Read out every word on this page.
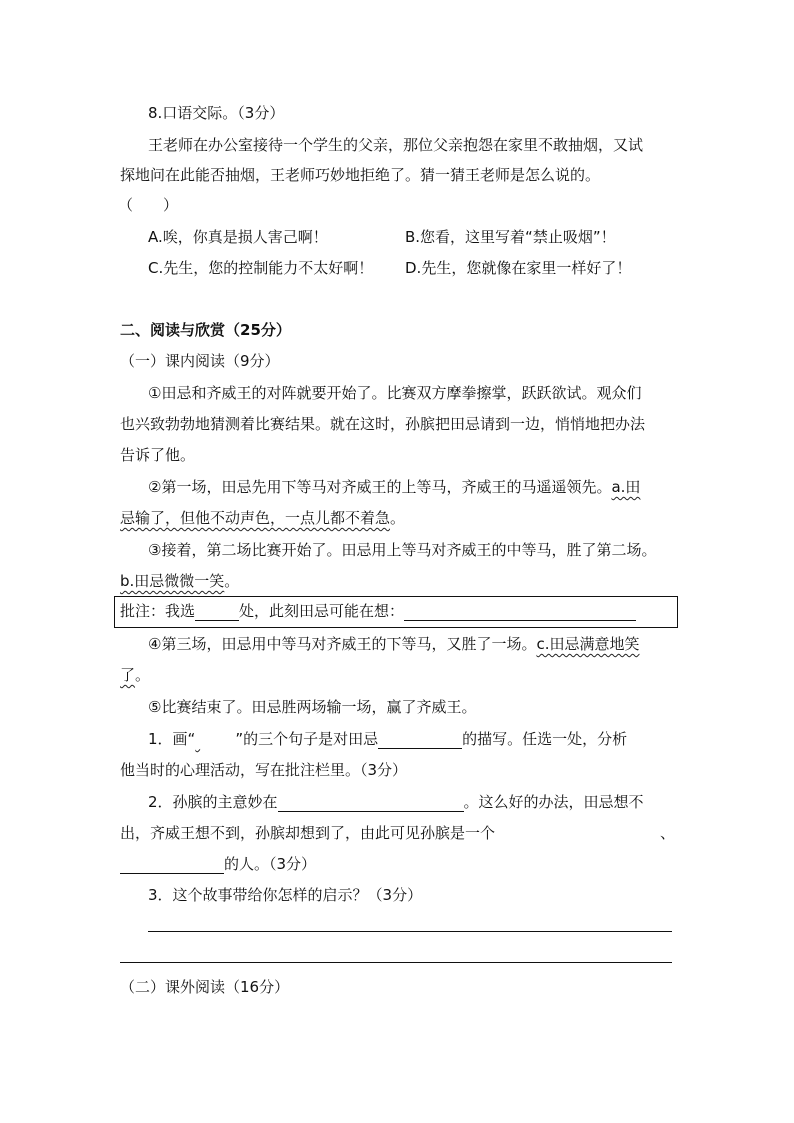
8.口语交际。（3分）
王老师在办公室接待一个学生的父亲，那位父亲抱怨在家里不敢抽烟，又试
探地问在此能否抽烟，王老师巧妙地拒绝了。猜一猜王老师是怎么说的。
（　　）
A.唉，你真是损人害己啊！	B.您看，这里写着“禁止吸烟”！
C.先生，您的控制能力不太好啊！ D.先生，您就像在家里一样好了！
二、阅读与欣赏（25分）
（一）课内阅读（9分）
①田忌和齐威王的对阵就要开始了。比赛双方摩拳擦掌，跃跃欲试。观众们
也兴致勃勃地猜测着比赛结果。就在这时，孙膑把田忌请到一边，悄悄地把办法
告诉了他。
②第一场，田忌先用下等马对齐威王的上等马，齐威王的马遥遥领先。a.田
忌输了，但他不动声色，一点儿都不着急。
③接着，第二场比赛开始了。田忌用上等马对齐威王的中等马，胜了第二场。
b.田忌微微一笑。
批注：我选	处，此刻田忌可能在想：
④第三场，田忌用中等马对齐威王的下等马，又胜了一场。c.田忌满意地笑
了。
⑤比赛结束了。田忌胜两场输一场，赢了齐威王。
1．画“	”的三个句子是对田忌	的描写。任选一处，分析
他当时的心理活动，写在批注栏里。（3分）
2．孙膑的主意妙在	。这么好的办法，田忌想不
出，齐威王想不到，孙膑却想到了，由此可见孙膑是一个	、
的人。（3分）
3．这个故事带给你怎样的启示？（3分）
（二）课外阅读（16分）
